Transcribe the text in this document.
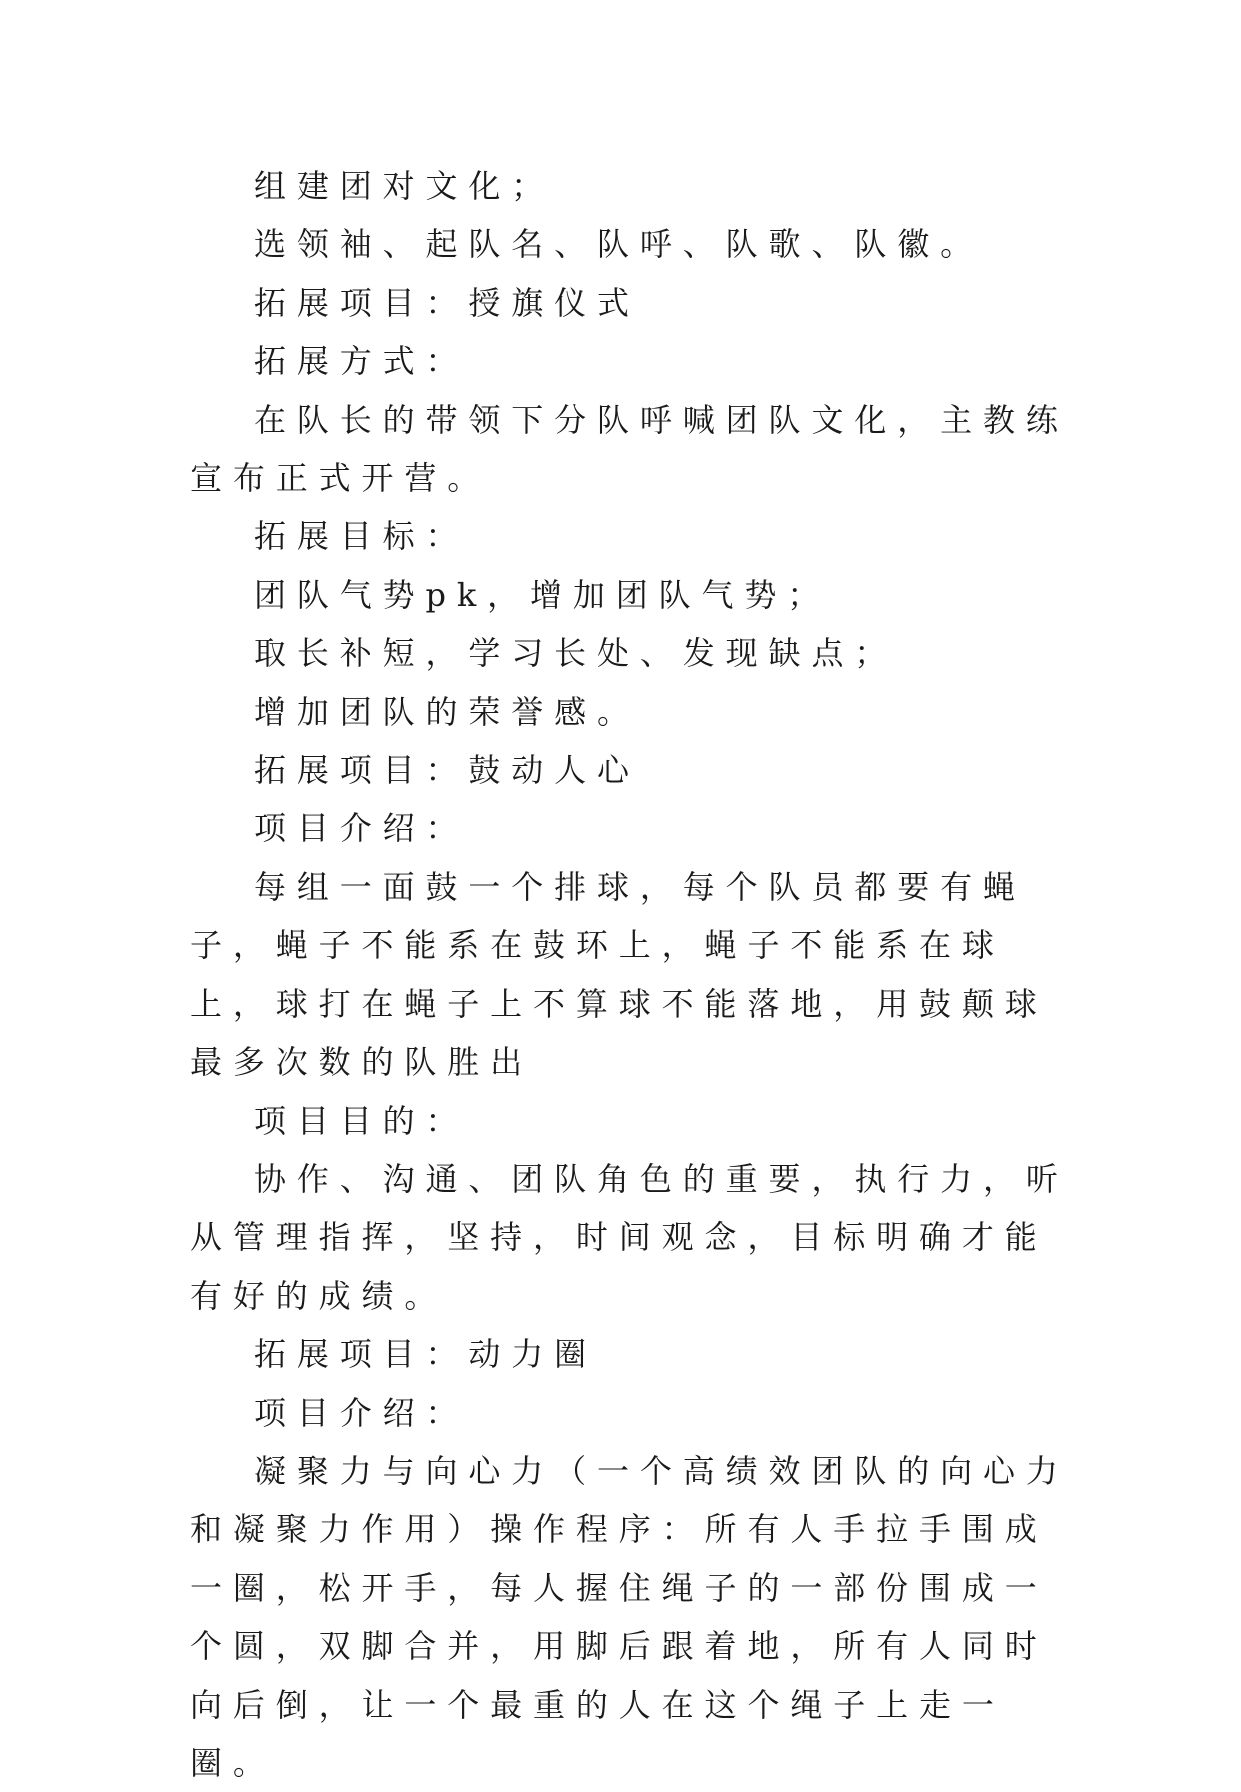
组建团对文化；

选领袖、起队名、队呼、队歌、队徽。

拓展项目：授旗仪式

拓展方式：

在队长的带领下分队呼喊团队文化，主教练宣布正式开营。

拓展目标：

团队气势pk，增加团队气势；

取长补短，学习长处、发现缺点；

增加团队的荣誉感。

拓展项目：鼓动人心

项目介绍：

每组一面鼓一个排球，每个队员都要有蝇子，蝇子不能系在鼓环上，蝇子不能系在球上，球打在蝇子上不算球不能落地，用鼓颠球最多次数的队胜出

项目目的：

协作、沟通、团队角色的重要，执行力，听从管理指挥，坚持，时间观念，目标明确才能有好的成绩。

拓展项目：动力圈

项目介绍：

凝聚力与向心力（一个高绩效团队的向心力和凝聚力作用）操作程序：所有人手拉手围成一圈，松开手，每人握住绳子的一部份围成一个圆，双脚合并，用脚后跟着地，所有人同时向后倒，让一个最重的人在这个绳子上走一圈。
